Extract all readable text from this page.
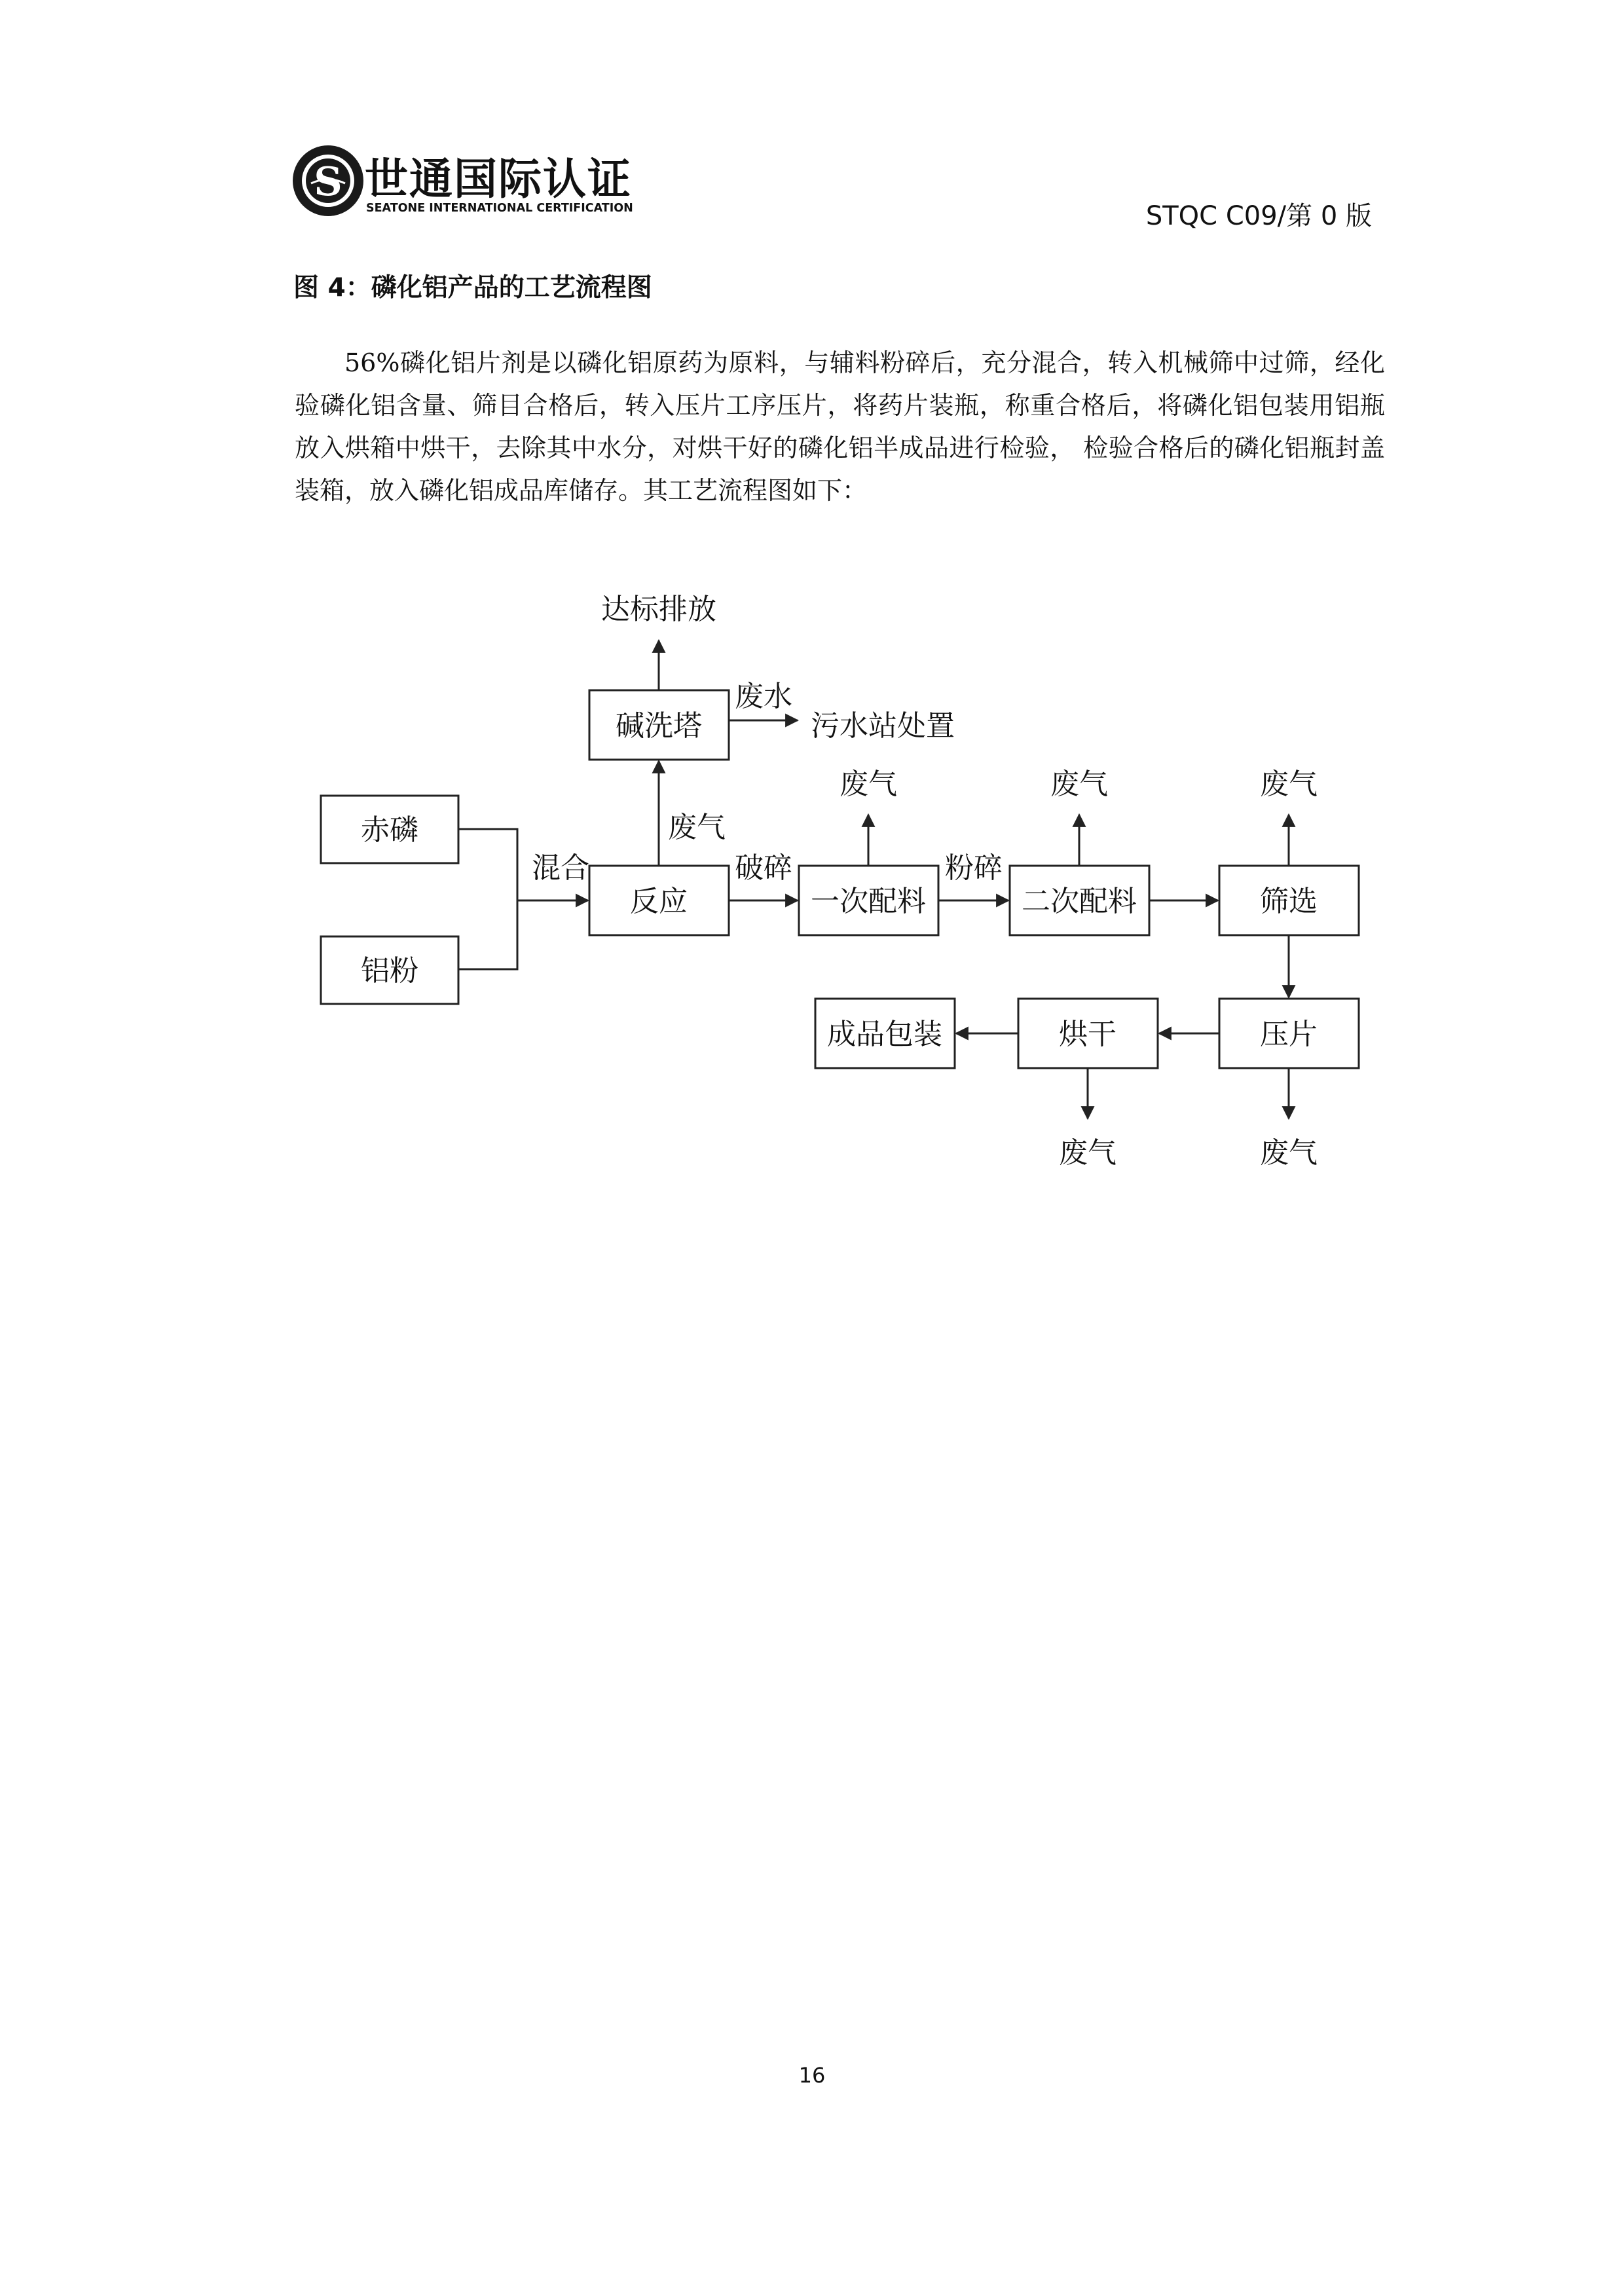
S 世通国际认证
SEATONE INTERNATIONAL CERTIFICATION	STQC C09/第 0 版
图 4：磷化铝产品的工艺流程图
56%磷化铝片剂是以磷化铝原药为原料，与辅料粉碎后，充分混合，转入机械筛中过筛，经化验磷化铝含量、筛目合格后，转入压片工序压片，将药片装瓶，称重合格后，将磷化铝包装用铝瓶放入烘箱中烘干，去除其中水分，对烘干好的磷化铝半成品进行检验， 检验合格后的磷化铝瓶封盖装箱，放入磷化铝成品库储存。其工艺流程图如下：
赤磷
铝粉
反应
碱洗塔
一次配料	二次配料	筛选
压片
烘干
成品包装
混合
废气
破碎	粉碎
废水
达标排放
污水站处置
废气	废气	废气
废气	废气
16
